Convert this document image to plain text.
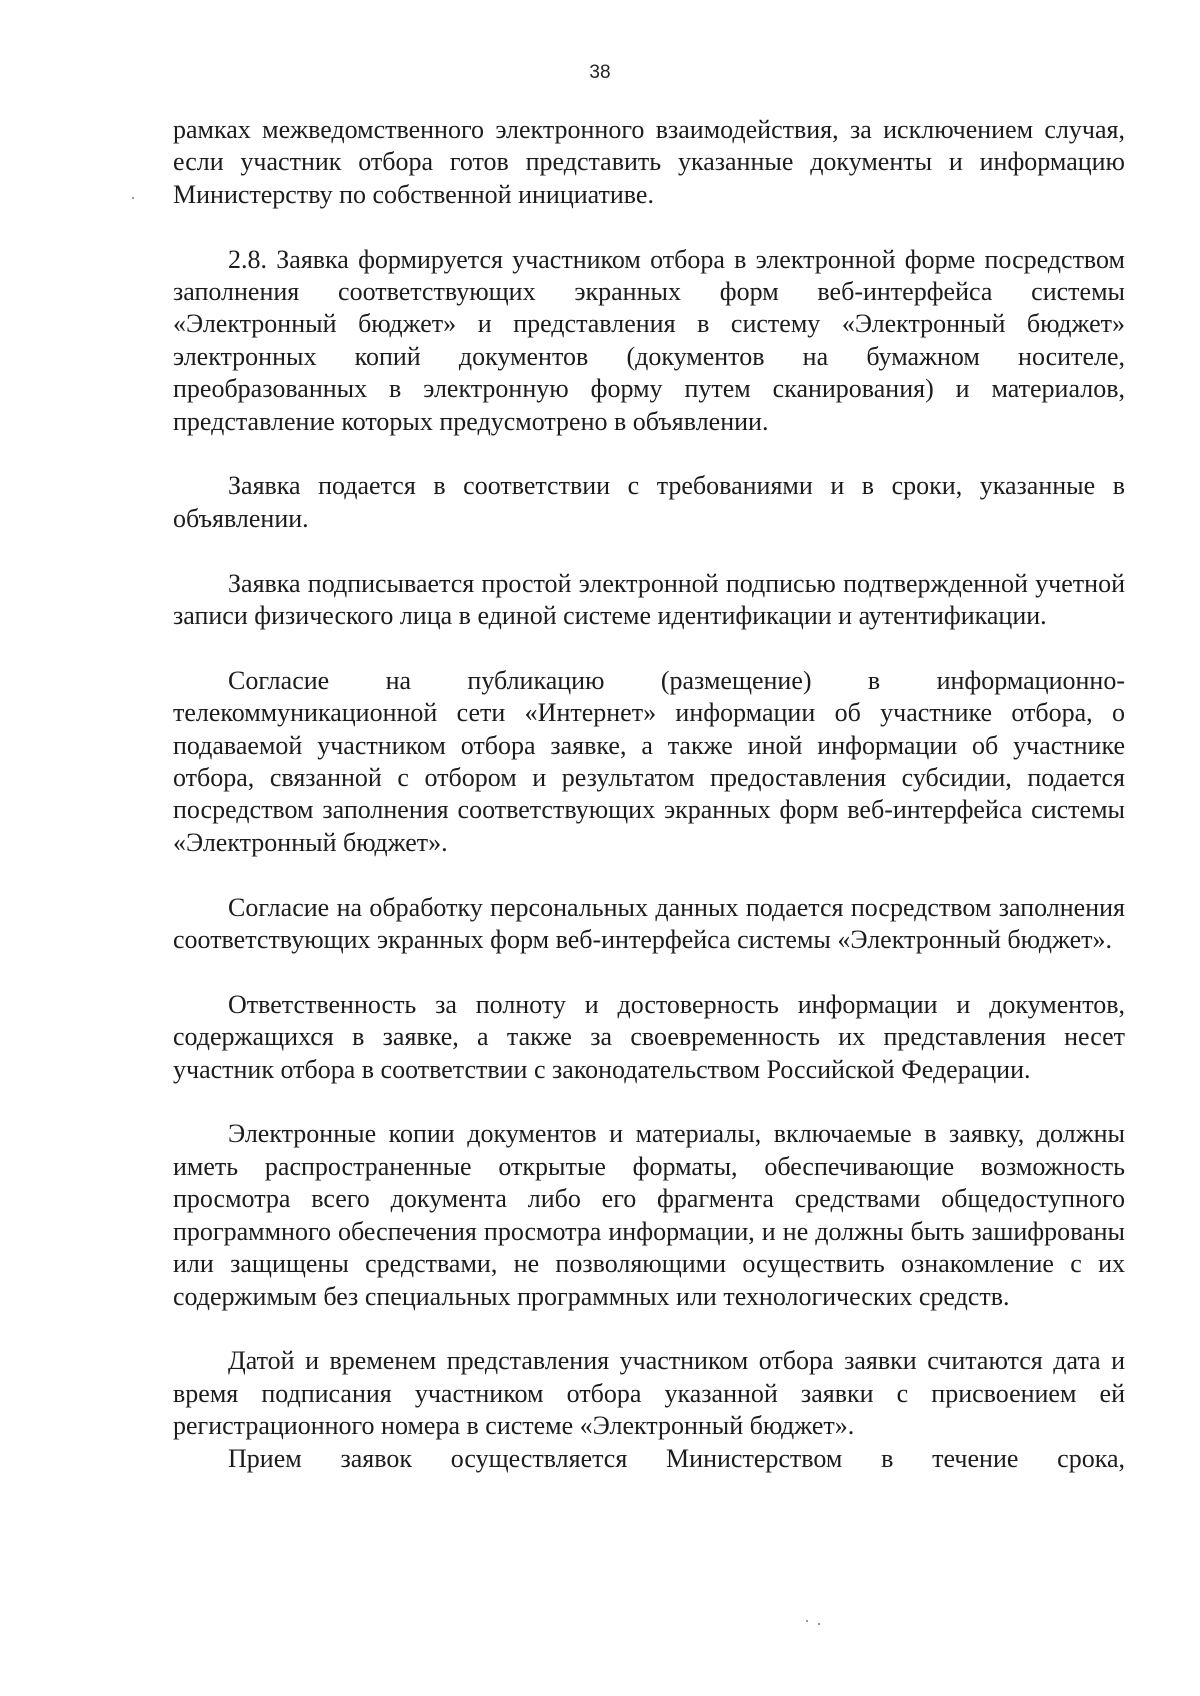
38

рамках межведомственного электронного взаимодействия, за исключением случая, если участник отбора готов представить указанные документы и информацию Министерству по собственной инициативе.

2.8. Заявка формируется участником отбора в электронной форме посредством заполнения соответствующих экранных форм веб-интерфейса системы «Электронный бюджет» и представления в систему «Электронный бюджет» электронных копий документов (документов на бумажном носителе, преобразованных в электронную форму путем сканирования) и материалов, представление которых предусмотрено в объявлении.

Заявка подается в соответствии с требованиями и в сроки, указанные в объявлении.

Заявка подписывается простой электронной подписью подтвержденной учетной записи физического лица в единой системе идентификации и аутентификации.

Согласие на публикацию (размещение) в информационно-телекоммуникационной сети «Интернет» информации об участнике отбора, о подаваемой участником отбора заявке, а также иной информации об участнике отбора, связанной с отбором и результатом предоставления субсидии, подается посредством заполнения соответствующих экранных форм веб-интерфейса системы «Электронный бюджет».

Согласие на обработку персональных данных подается посредством заполнения соответствующих экранных форм веб-интерфейса системы «Электронный бюджет».

Ответственность за полноту и достоверность информации и документов, содержащихся в заявке, а также за своевременность их представления несет участник отбора в соответствии с законодательством Российской Федерации.

Электронные копии документов и материалы, включаемые в заявку, должны иметь распространенные открытые форматы, обеспечивающие возможность просмотра всего документа либо его фрагмента средствами общедоступного программного обеспечения просмотра информации, и не должны быть зашифрованы или защищены средствами, не позволяющими осуществить ознакомление с их содержимым без специальных программных или технологических средств.

Датой и временем представления участником отбора заявки считаются дата и время подписания участником отбора указанной заявки с присвоением ей регистрационного номера в системе «Электронный бюджет».

Прием заявок осуществляется Министерством в течение срока,
